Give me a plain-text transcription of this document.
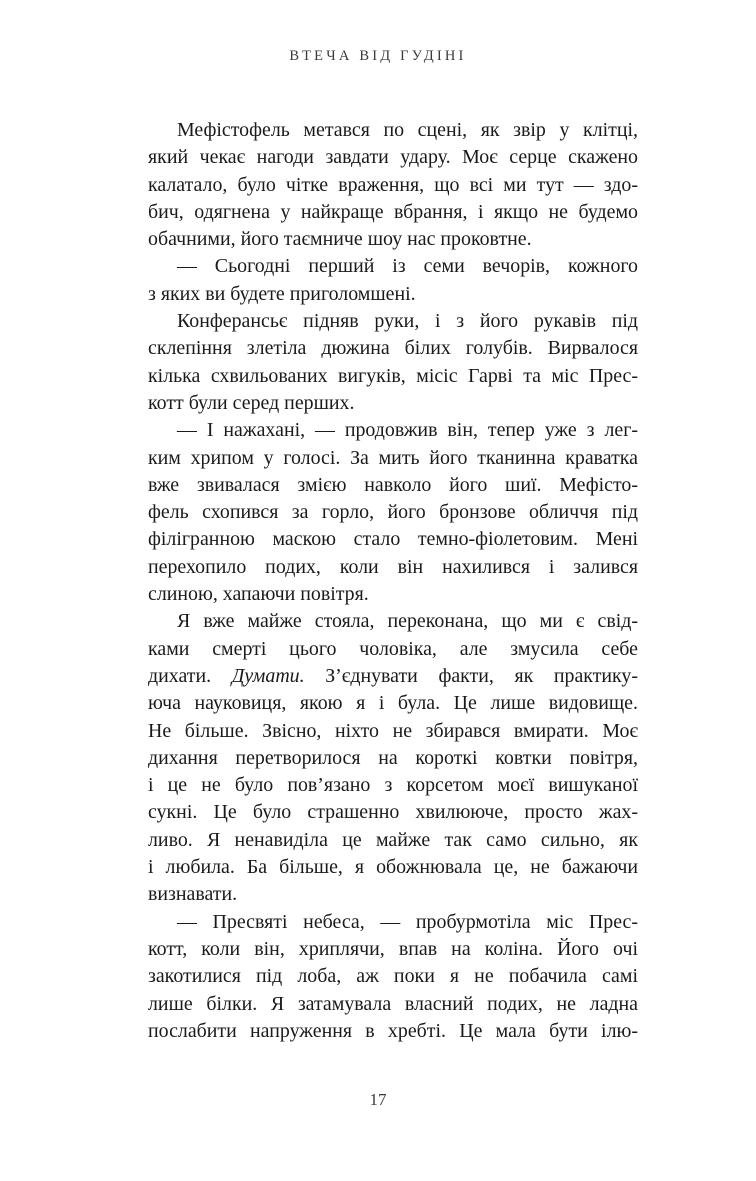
ВТЕЧА ВІД ГУДІНІ

Мефістофель метався по сцені, як звір у клітці,
який чекає нагоди завдати удару. Моє серце скажено
калатало, було чітке враження, що всі ми тут — здо-
бич, одягнена у найкраще вбрання, і якщо не будемо
обачними, його таємниче шоу нас проковтне.

— Сьогодні перший із семи вечорів, кожного
з яких ви будете приголомшені.

Конферансьє підняв руки, і з його рукавів під
склепіння злетіла дюжина білих голубів. Вирвалося
кілька схвильованих вигуків, місіс Гарві та міс Прес-
котт були серед перших.

— І нажахані, — продовжив він, тепер уже з лег-
ким хрипом у голосі. За мить його тканинна краватка
вже звивалася змією навколо його шиї. Мефісто-
фель схопився за горло, його бронзове обличчя під
філігранною маскою стало темно-фіолетовим. Мені
перехопило подих, коли він нахилився і залився
слиною, хапаючи повітря.

Я вже майже стояла, переконана, що ми є свід-
ками смерті цього чоловіка, але змусила себе
дихати. Думати. З’єднувати факти, як практику-
юча науковиця, якою я і була. Це лише видовище.
Не більше. Звісно, ніхто не збирався вмирати. Моє
дихання перетворилося на короткі ковтки повітря,
і це не було пов’язано з корсетом моєї вишуканої
сукні. Це було страшенно хвилююче, просто жах-
ливо. Я ненавиділа це майже так само сильно, як
і любила. Ба більше, я обожнювала це, не бажаючи
визнавати.

— Пресвяті небеса, — пробурмотіла міс Прес-
котт, коли він, хриплячи, впав на коліна. Його очі
закотилися під лоба, аж поки я не побачила самі
лише білки. Я затамувала власний подих, не ладна
послабити напруження в хребті. Це мала бути ілю-

17
